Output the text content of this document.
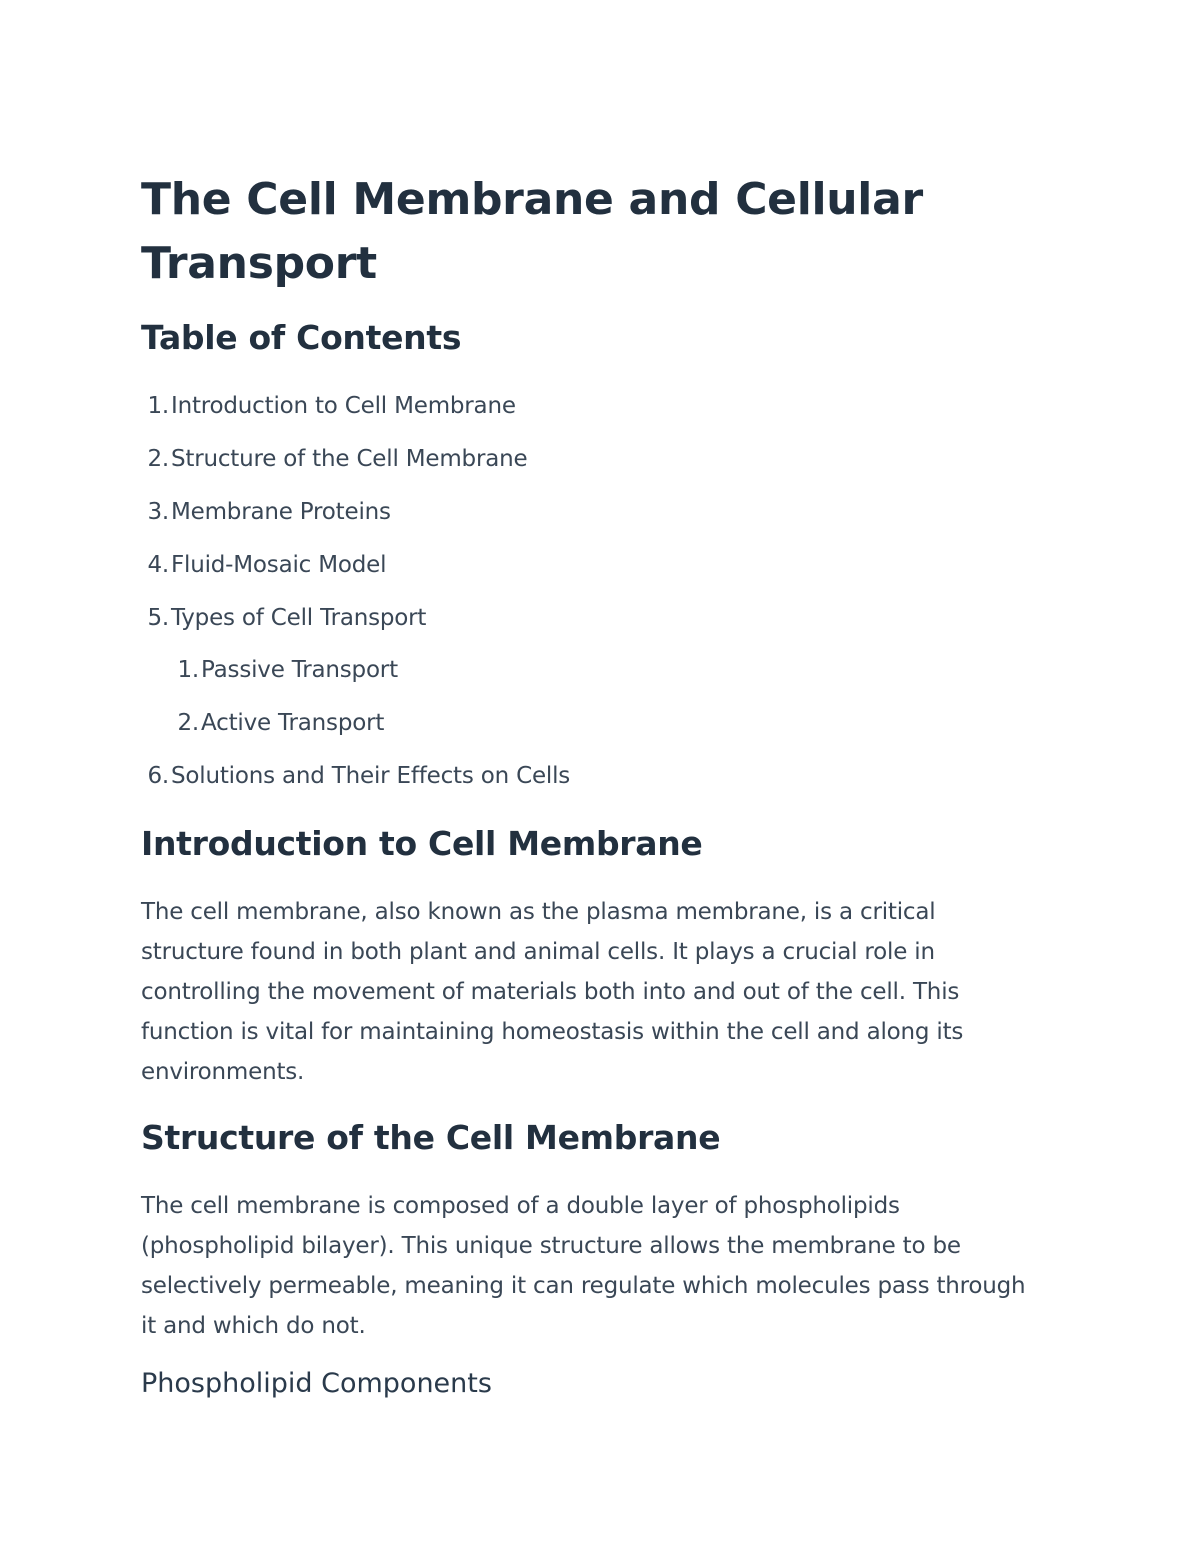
The Cell Membrane and Cellular Transport
Table of Contents
1.Introduction to Cell Membrane
2.Structure of the Cell Membrane
3.Membrane Proteins
4.Fluid-Mosaic Model
5.Types of Cell Transport
1.Passive Transport
2.Active Transport
6.Solutions and Their Effects on Cells
Introduction to Cell Membrane

The cell membrane, also known as the plasma membrane, is a critical structure found in both plant and animal cells. It plays a crucial role in controlling the movement of materials both into and out of the cell. This function is vital for maintaining homeostasis within the cell and along its environments.

Structure of the Cell Membrane

The cell membrane is composed of a double layer of phospholipids (phospholipid bilayer). This unique structure allows the membrane to be selectively permeable, meaning it can regulate which molecules pass through it and which do not.

Phospholipid Components
